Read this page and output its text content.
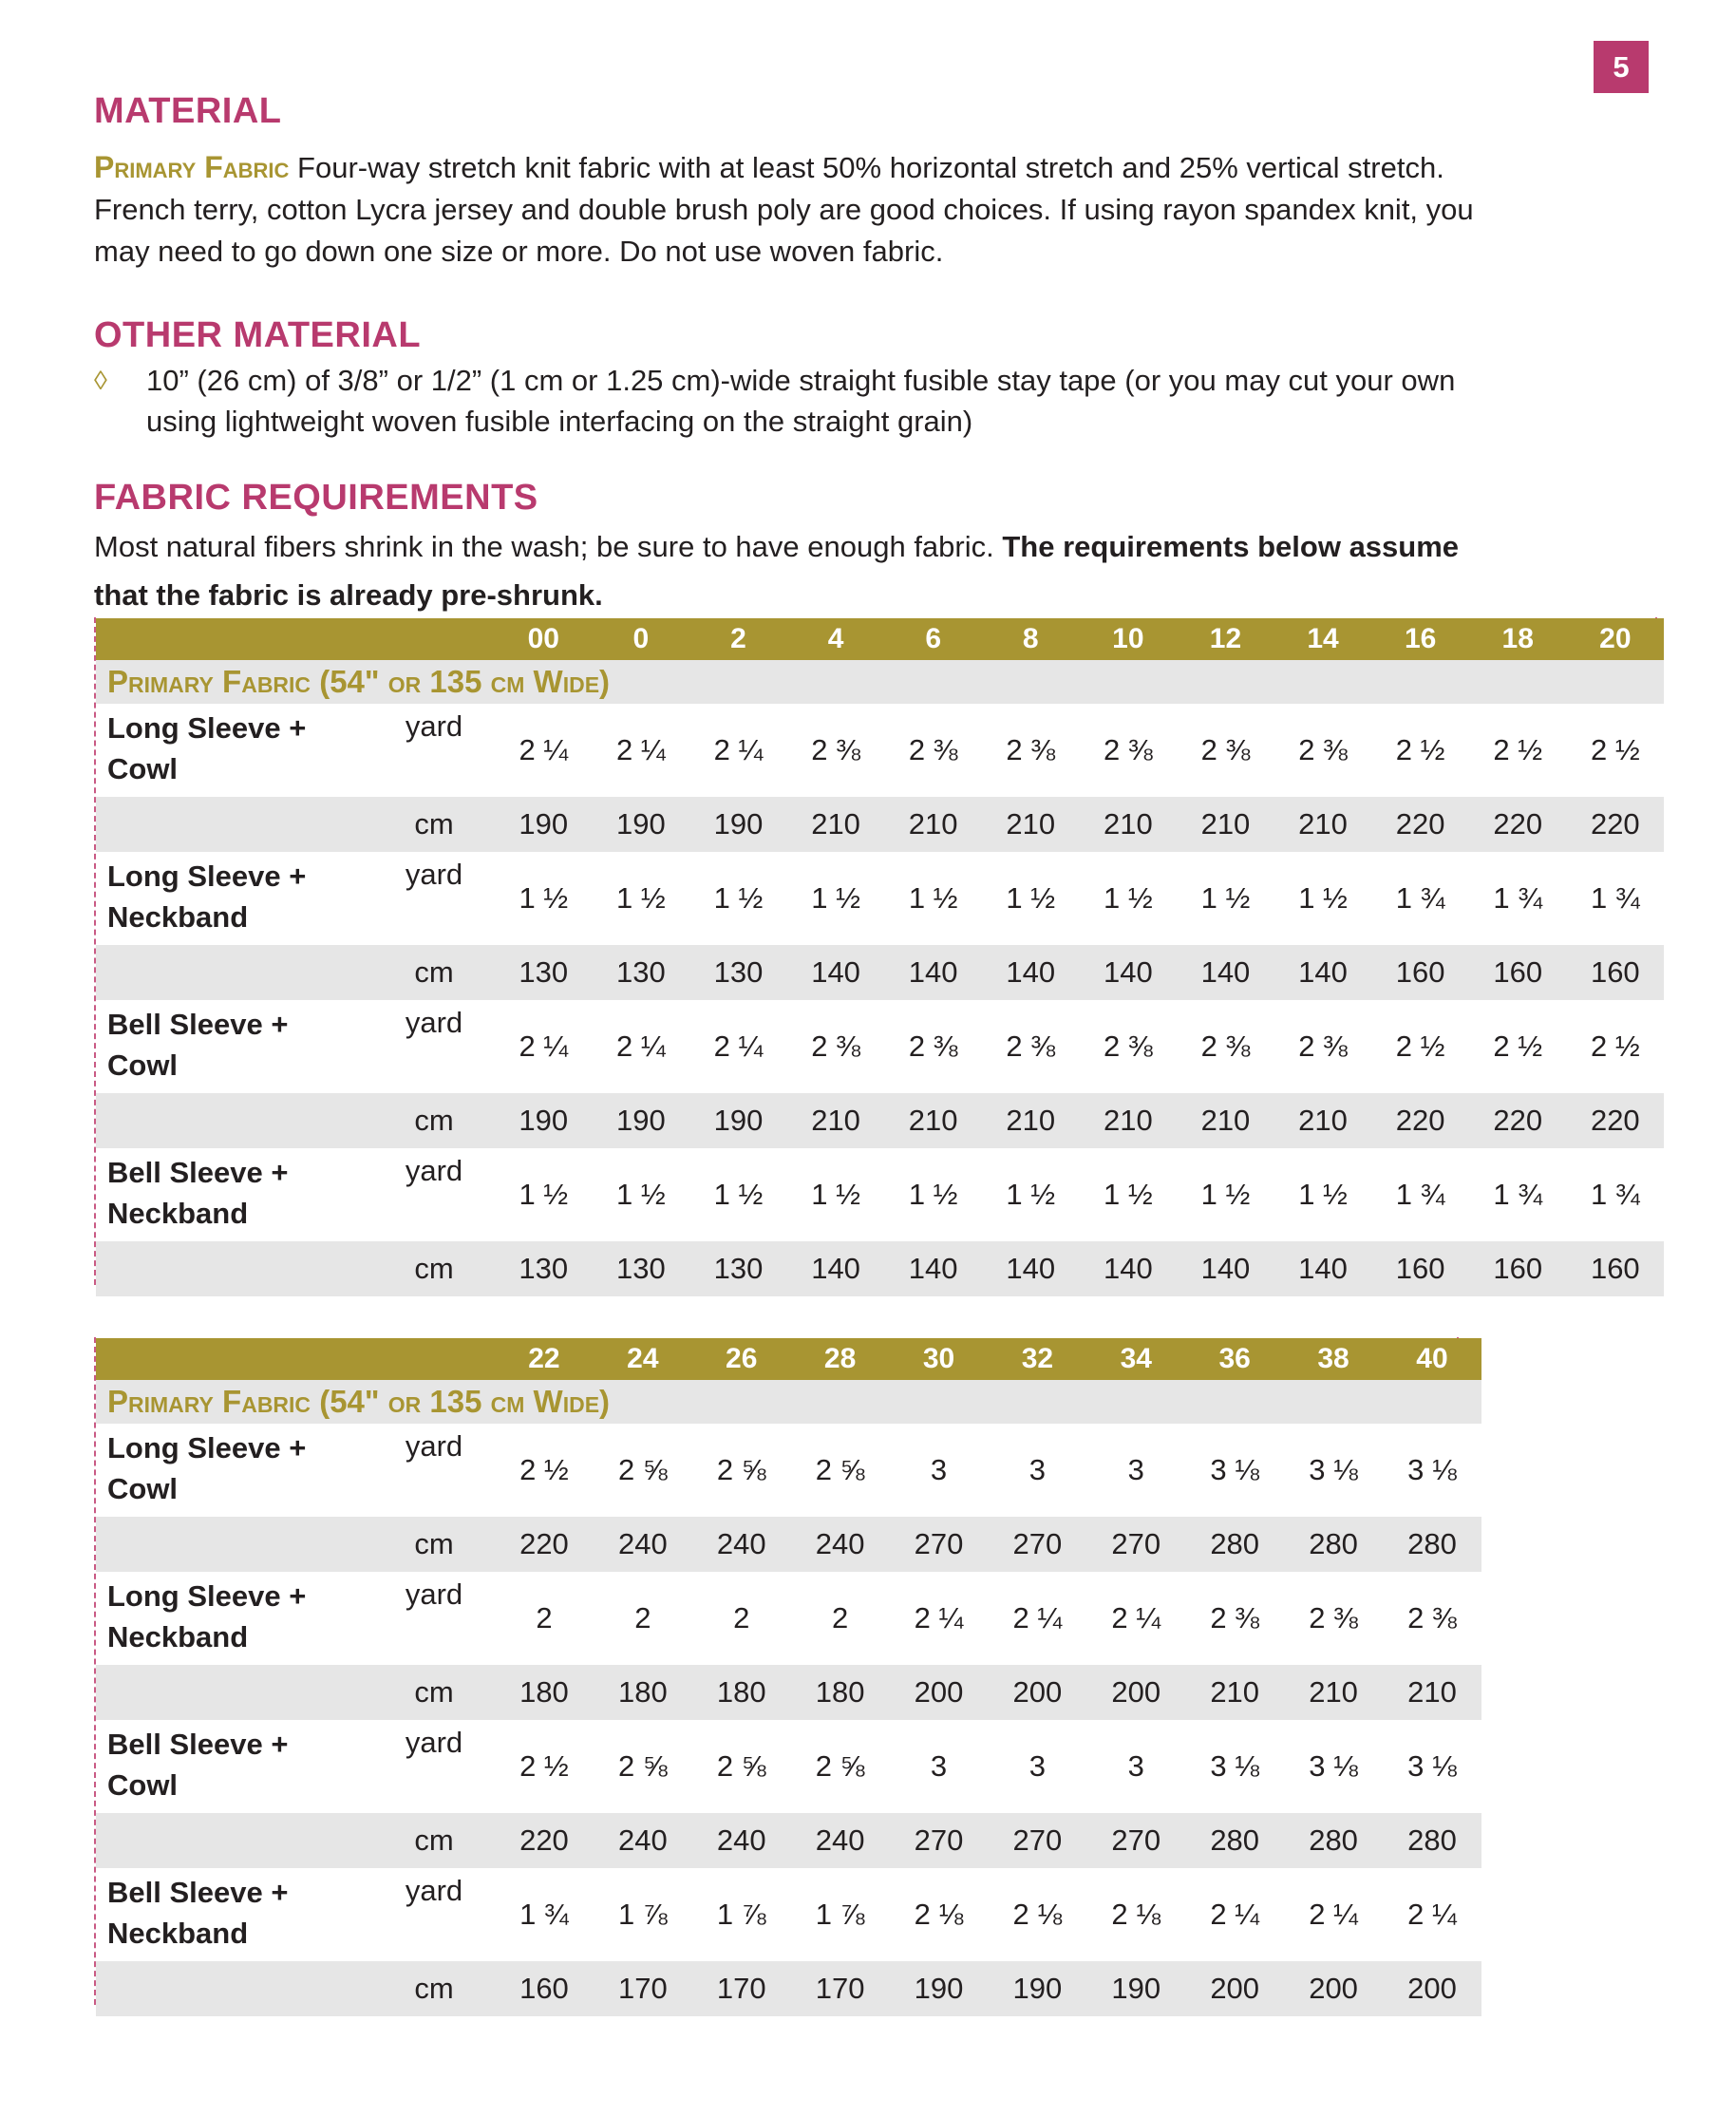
5
MATERIAL
Primary Fabric Four-way stretch knit fabric with at least 50% horizontal stretch and 25% vertical stretch.
French terry, cotton Lycra jersey and double brush poly are good choices. If using rayon spandex knit, you
may need to go down one size or more. Do not use woven fabric.
OTHER MATERIAL
◊ 10” (26 cm) of 3/8” or 1/2” (1 cm or 1.25 cm)-wide straight fusible stay tape (or you may cut your own
using lightweight woven fusible interfacing on the straight grain)
FABRIC REQUIREMENTS
Most natural fibers shrink in the wash; be sure to have enough fabric. The requirements below assume
that the fabric is already pre-shrunk.
		00	0	2	4	6	8	10	12	14	16	18	20
Primary Fabric (54" or 135 cm Wide)													

Long Sleeve +
Cowl	yard	2 ¼	2 ¼	2 ¼	2 ⅜	2 ⅜	2 ⅜	2 ⅜	2 ⅜	2 ⅜	2 ½	2 ½	2 ½
	cm	190	190	190	210	210	210	210	210	210	220	220	220

Long Sleeve +
Neckband	yard	1 ½	1 ½	1 ½	1 ½	1 ½	1 ½	1 ½	1 ½	1 ½	1 ¾	1 ¾	1 ¾
	cm	130	130	130	140	140	140	140	140	140	160	160	160

Bell Sleeve +
Cowl	yard	2 ¼	2 ¼	2 ¼	2 ⅜	2 ⅜	2 ⅜	2 ⅜	2 ⅜	2 ⅜	2 ½	2 ½	2 ½
	cm	190	190	190	210	210	210	210	210	210	220	220	220

Bell Sleeve +
Neckband	yard	1 ½	1 ½	1 ½	1 ½	1 ½	1 ½	1 ½	1 ½	1 ½	1 ¾	1 ¾	1 ¾
	cm	130	130	130	140	140	140	140	140	140	160	160	160
		22	24	26	28	30	32	34	36	38	40
Primary Fabric (54" or 135 cm Wide)											

Long Sleeve +
Cowl	yard	2 ½	2 ⅝	2 ⅝	2 ⅝	3	3	3	3 ⅛	3 ⅛	3 ⅛
	cm	220	240	240	240	270	270	270	280	280	280

Long Sleeve +
Neckband	yard	2	2	2	2	2 ¼	2 ¼	2 ¼	2 ⅜	2 ⅜	2 ⅜
	cm	180	180	180	180	200	200	200	210	210	210

Bell Sleeve +
Cowl	yard	2 ½	2 ⅝	2 ⅝	2 ⅝	3	3	3	3 ⅛	3 ⅛	3 ⅛
	cm	220	240	240	240	270	270	270	280	280	280

Bell Sleeve +
Neckband	yard	1 ¾	1 ⅞	1 ⅞	1 ⅞	2 ⅛	2 ⅛	2 ⅛	2 ¼	2 ¼	2 ¼
	cm	160	170	170	170	190	190	190	200	200	200
